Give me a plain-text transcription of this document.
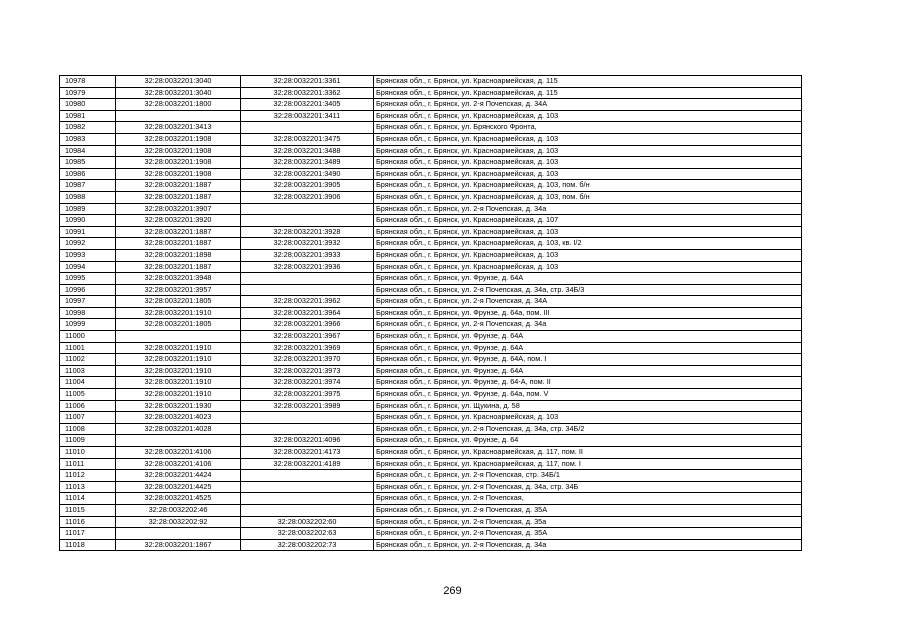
10978	32:28:0032201:3040	32:28:0032201:3361	Брянская обл., г. Брянск, ул. Красноармейская, д. 115
10979	32:28:0032201:3040	32:28:0032201:3362	Брянская обл., г. Брянск, ул. Красноармейская, д. 115
10980	32:28:0032201:1800	32:28:0032201:3405	Брянская обл., г. Брянск, ул. 2-я Почепская, д. 34А
10981		32:28:0032201:3411	Брянская обл., г. Брянск, ул. Красноармейская, д. 103
10982	32:28:0032201:3413		Брянская обл., г. Брянск, ул. Брянского Фронта,
10983	32:28:0032201:1908	32:28:0032201:3475	Брянская обл., г. Брянск, ул. Красноармейская, д. 103
10984	32:28:0032201:1908	32:28:0032201:3488	Брянская обл., г. Брянск, ул. Красноармейская, д. 103
10985	32:28:0032201:1908	32:28:0032201:3489	Брянская обл., г. Брянск, ул. Красноармейская, д. 103
10986	32:28:0032201:1908	32:28:0032201:3490	Брянская обл., г. Брянск, ул. Красноармейская, д. 103
10987	32:28:0032201:1887	32:28:0032201:3905	Брянская обл., г. Брянск, ул. Красноармейская, д. 103, пом. б/н
10988	32:28:0032201:1887	32:28:0032201:3906	Брянская обл., г. Брянск, ул. Красноармейская, д. 103, пом. б/н
10989	32:28:0032201:3907		Брянская обл., г. Брянск, ул. 2-я Почепская, д. 34а
10990	32:28:0032201:3920		Брянская обл., г. Брянск, ул. Красноармейская, д. 107
10991	32:28:0032201:1887	32:28:0032201:3928	Брянская обл., г. Брянск, ул. Красноармейская, д. 103
10992	32:28:0032201:1887	32:28:0032201:3932	Брянская обл., г. Брянск, ул. Красноармейская, д. 103, кв. I/2
10993	32:28:0032201:1898	32:28:0032201:3933	Брянская обл., г. Брянск, ул. Красноармейская, д. 103
10994	32:28:0032201:1887	32:28:0032201:3936	Брянская обл., г. Брянск, ул. Красноармейская, д. 103
10995	32:28:0032201:3948		Брянская обл., г. Брянск, ул. Фрунзе, д. 64А
10996	32:28:0032201:3957		Брянская обл., г. Брянск, ул. 2-я Почепская, д. 34а, стр. 34Б/3
10997	32:28:0032201:1805	32:28:0032201:3962	Брянская обл., г. Брянск, ул. 2-я Почепская, д. 34А
10998	32:28:0032201:1910	32:28:0032201:3964	Брянская обл., г. Брянск, ул. Фрунзе, д. 64а, пом. III
10999	32:28:0032201:1805	32:28:0032201:3966	Брянская обл., г. Брянск, ул. 2-я Почепская, д. 34а
11000		32:28:0032201:3967	Брянская обл., г. Брянск, ул. Фрунзе, д. 64А
11001	32:28:0032201:1910	32:28:0032201:3969	Брянская обл., г. Брянск, ул. Фрунзе, д. 64А
11002	32:28:0032201:1910	32:28:0032201:3970	Брянская обл., г. Брянск, ул. Фрунзе, д. 64А, пом. I
11003	32:28:0032201:1910	32:28:0032201:3973	Брянская обл., г. Брянск, ул. Фрунзе, д. 64А
11004	32:28:0032201:1910	32:28:0032201:3974	Брянская обл., г. Брянск, ул. Фрунзе, д. 64-А, пом. II
11005	32:28:0032201:1910	32:28:0032201:3975	Брянская обл., г. Брянск, ул. Фрунзе, д. 64а, пом. V
11006	32:28:0032201:1930	32:28:0032201:3989	Брянская обл., г. Брянск, ул. Щукина, д. 58
11007	32:28:0032201:4023		Брянская обл., г. Брянск, ул. Красноармейская, д. 103
11008	32:28:0032201:4028		Брянская обл., г. Брянск, ул. 2-я Почепская, д. 34а, стр. 34Б/2
11009		32:28:0032201:4096	Брянская обл., г. Брянск, ул. Фрунзе, д. 64
11010	32:28:0032201:4106	32:28:0032201:4173	Брянская обл., г. Брянск, ул. Красноармейская, д. 117, пом. II
11011	32:28:0032201:4106	32:28:0032201:4189	Брянская обл., г. Брянск, ул. Красноармейская, д. 117, пом. I
11012	32:28:0032201:4424		Брянская обл., г. Брянск, ул. 2-я Почепская, стр. 34Б/1
11013	32:28:0032201:4425		Брянская обл., г. Брянск, ул. 2-я Почепская, д. 34а, стр. 34Б
11014	32:28:0032201:4525		Брянская обл., г. Брянск, ул. 2-я Почепская,
11015	32:28:0032202:46		Брянская обл., г. Брянск, ул. 2-я Почепская, д. 35А
11016	32:28:0032202:92	32:28:0032202:60	Брянская обл., г. Брянск, ул. 2-я Почепская, д. 35а
11017		32:28:0032202:63	Брянская обл., г. Брянск, ул. 2-я Почепская, д. 35А
11018	32:28:0032201:1867	32:28:0032202:73	Брянская обл., г. Брянск, ул. 2-я Почепская, д. 34а
269
